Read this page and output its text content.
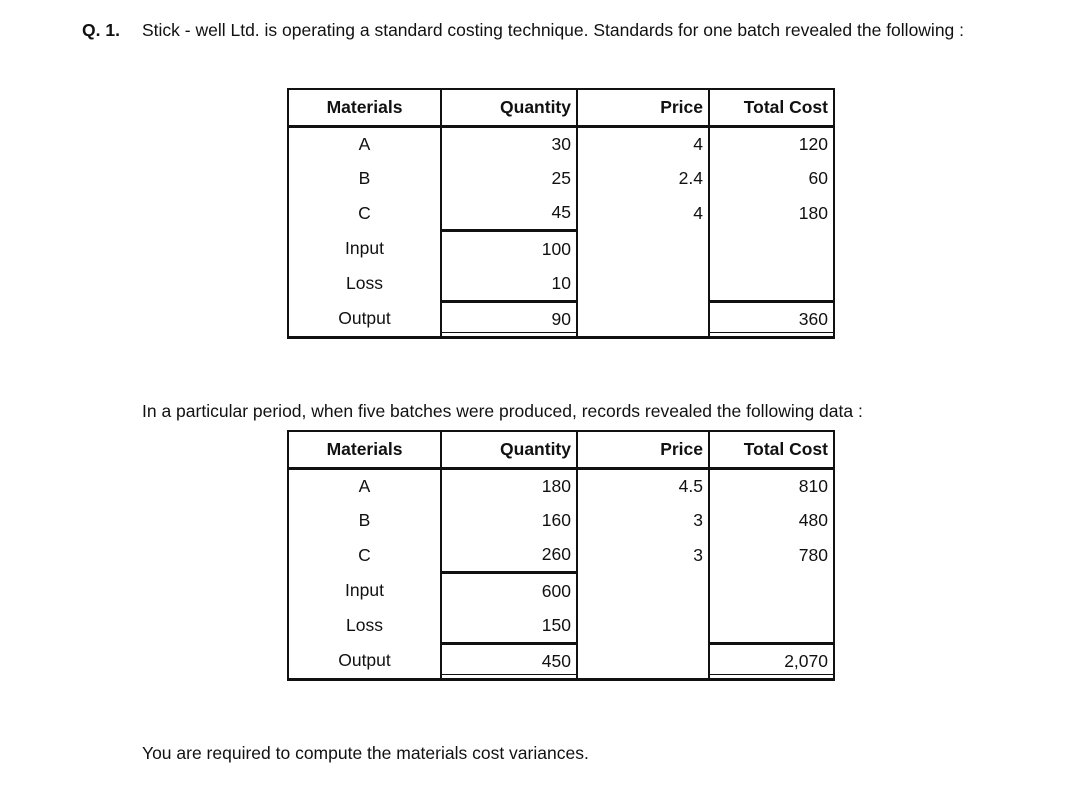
Q. 1. Stick - well Ltd. is operating a standard costing technique. Standards for one batch revealed the following :
Materials	Quantity	Price	Total Cost
A	30	4	120
B	25	2.4	60
C	45	4	180
Input	100		
Loss	10		
Output	90		360
In a particular period, when five batches were produced, records revealed the following data :
Materials	Quantity	Price	Total Cost
A	180	4.5	810
B	160	3	480
C	260	3	780
Input	600		
Loss	150		
Output	450		2,070
You are required to compute the materials cost variances.
